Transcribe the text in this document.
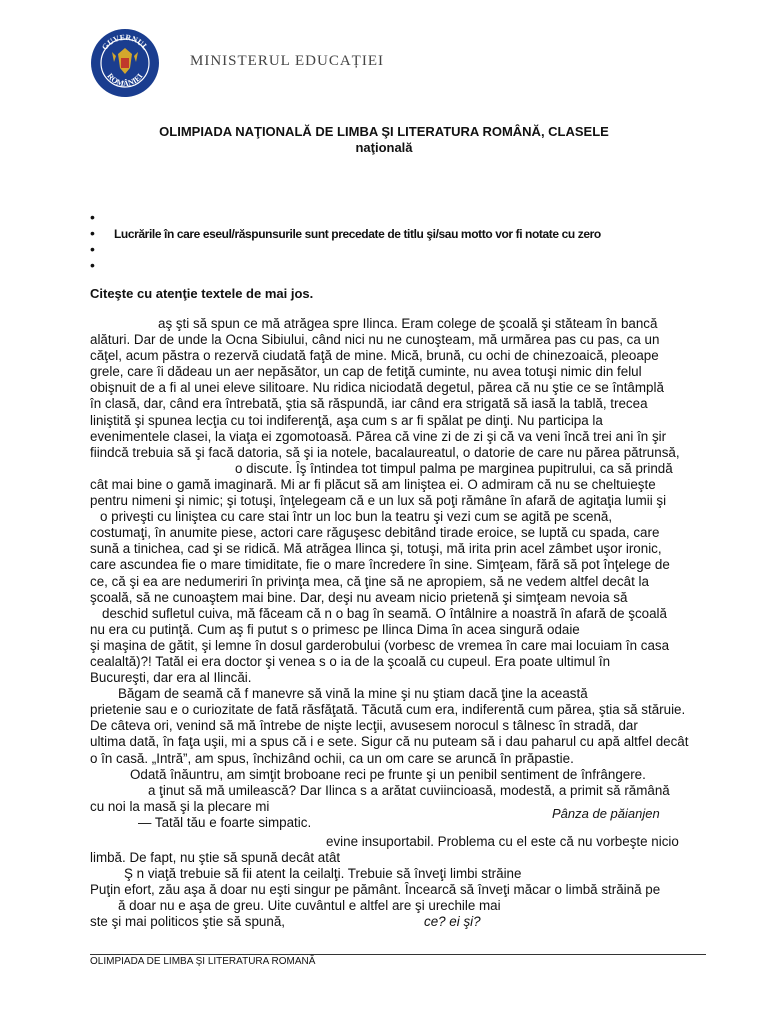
GUVERNUL
ROMÂNIEI
MINISTERUL EDUCAȚIEI
OLIMPIADA NAŢIONALĂ DE LIMBA ŞI LITERATURA ROMÂNĂ, CLASELE
naţională
•
• Lucrările în care eseul/răspunsurile sunt precedate de titlu şi/sau motto vor fi notate cu zero
•
•
Citeşte cu atenţie textele de mai jos.
aş şti să spun ce mă atrăgea spre Ilinca. Eram colege de şcoală şi stăteam în bancă
alături. Dar de unde la Ocna Sibiului, când nici nu ne cunoşteam, mă urmărea pas cu pas, ca un
căţel, acum păstra o rezervă ciudată faţă de mine. Mică, brună, cu ochi de chinezoaică, pleoape
grele, care îi dădeau un aer nepăsător, un cap de fetiţă cuminte, nu avea totuşi nimic din felul
obişnuit de a fi al unei eleve silitoare. Nu ridica niciodată degetul, părea că nu ştie ce se întâmplă
în clasă, dar, când era întrebată, ştia să răspundă, iar când era strigată să iasă la tablă, trecea
liniştită şi spunea lecţia cu toi indiferenţă, aşa cum s ar fi spălat pe dinţi. Nu participa la
evenimentele clasei, la viaţa ei zgomotoasă. Părea că vine zi de zi şi că va veni încă trei ani în şir
fiindcă trebuia să şi facă datoria, să şi ia notele, bacalaureatul, o datorie de care nu părea pătrunsă,
o discute. Îş întindea tot timpul palma pe marginea pupitrului, ca să prindă
cât mai bine o gamă imaginară. Mi ar fi plăcut să am liniştea ei. O admiram că nu se cheltuieşte
pentru nimeni şi nimic; şi totuşi, înţelegeam că e un lux să poţi rămâne în afară de agitaţia lumii şi
o priveşti cu liniştea cu care stai într un loc bun la teatru şi vezi cum se agită pe scenă,
costumaţi, în anumite piese, actori care răguşesc debitând tirade eroice, se luptă cu spada, care
sună a tinichea, cad şi se ridică. Mă atrăgea Ilinca şi, totuşi, mă irita prin acel zâmbet uşor ironic,
care ascundea fie o mare timiditate, fie o mare încredere în sine. Simţeam, fără să pot înţelege de
ce, că şi ea are nedumeriri în privinţa mea, că ţine să ne apropiem, să ne vedem altfel decât la
şcoală, să ne cunoaştem mai bine. Dar, deşi nu aveam nicio prietenă şi simţeam nevoia să
deschid sufletul cuiva, mă făceam că n o bag în seamă. O întâlnire a noastră în afară de şcoală
nu era cu putinţă. Cum aş fi putut s o primesc pe Ilinca Dima în acea singură odaie
şi maşina de gătit, şi lemne în dosul garderobului (vorbesc de vremea în care mai locuiam în casa
cealaltă)?! Tatăl ei era doctor şi venea s o ia de la şcoală cu cupeul. Era poate ultimul în
Bucureşti, dar era al Ilincăi.
Băgam de seamă că f manevre să vină la mine şi nu ştiam dacă ţine la această
prietenie sau e o curiozitate de fată răsfăţată. Tăcută cum era, indiferentă cum părea, ştia să stăruie.
De câteva ori, venind să mă întrebe de nişte lecţii, avusesem norocul s tâlnesc în stradă, dar
ultima dată, în faţa uşii, mi a spus că i e sete. Sigur că nu puteam să i dau paharul cu apă altfel decât
o în casă. „Intră”, am spus, închizând ochii, ca un om care se aruncă în prăpastie.
Odată înăuntru, am simţit broboane reci pe frunte şi un penibil sentiment de înfrângere.
a ţinut să mă umilească? Dar Ilinca s a arătat cuviincioasă, modestă, a primit să rămână
cu noi la masă şi la plecare mi
— Tatăl tău e foarte simpatic.
Pânza de păianjen
evine insuportabil. Problema cu el este că nu vorbeşte nicio
limbă. De fapt, nu ştie să spună decât atât
Ş n viaţă trebuie să fii atent la ceilalţi. Trebuie să înveţi limbi străine
Puţin efort, zău aşa ă doar nu eşti singur pe pământ. Încearcă să înveţi măcar o limbă străină pe
ă doar nu e aşa de greu. Uite cuvântul e altfel are şi urechile mai
ste şi mai politicos ştie să spună,	ce? ei şi?
OLIMPIADA DE LIMBA ŞI LITERATURA ROMANĂ
